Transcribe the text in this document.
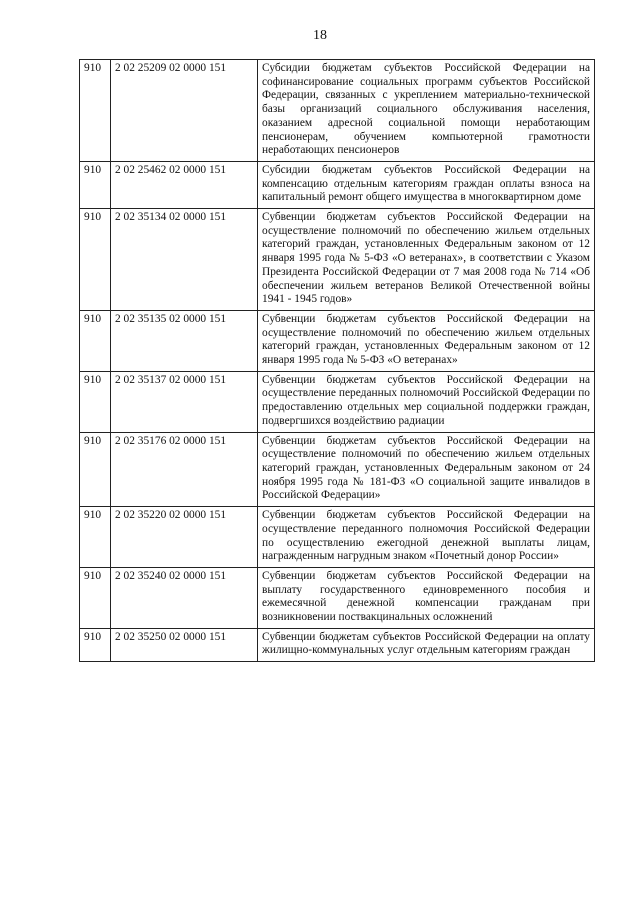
18
910	2 02 25209 02 0000 151	Субсидии бюджетам субъектов Российской Федерации на софинансирование социальных программ субъектов Российской Федерации, связанных с укреплением материально-технической базы организаций социального обслуживания населения, оказанием адресной социальной помощи неработающим пенсионерам, обучением компьютерной грамотности неработающих пенсионеров
910	2 02 25462 02 0000 151	Субсидии бюджетам субъектов Российской Федерации на компенсацию отдельным категориям граждан оплаты взноса на капитальный ремонт общего имущества в многоквартирном доме
910	2 02 35134 02 0000 151	Субвенции бюджетам субъектов Российской Федерации на осуществление полномочий по обеспечению жильем отдельных категорий граждан, установленных Федеральным законом от 12 января 1995 года № 5-ФЗ «О ветеранах», в соответствии с Указом Президента Российской Федерации от 7 мая 2008 года № 714 «Об обеспечении жильем ветеранов Великой Отечественной войны 1941 - 1945 годов»
910	2 02 35135 02 0000 151	Субвенции бюджетам субъектов Российской Федерации на осуществление полномочий по обеспечению жильем отдельных категорий граждан, установленных Федеральным законом от 12 января 1995 года № 5-ФЗ «О ветеранах»
910	2 02 35137 02 0000 151	Субвенции бюджетам субъектов Российской Федерации на осуществление переданных полномочий Российской Федерации по предоставлению отдельных мер социальной поддержки граждан, подвергшихся воздействию радиации
910	2 02 35176 02 0000 151	Субвенции бюджетам субъектов Российской Федерации на осуществление полномочий по обеспечению жильем отдельных категорий граждан, установленных Федеральным законом от 24 ноября 1995 года № 181-ФЗ «О социальной защите инвалидов в Российской Федерации»
910	2 02 35220 02 0000 151	Субвенции бюджетам субъектов Российской Федерации на осуществление переданного полномочия Российской Федерации по осуществлению ежегодной денежной выплаты лицам, награжденным нагрудным знаком «Почетный донор России»
910	2 02 35240 02 0000 151	Субвенции бюджетам субъектов Российской Федерации на выплату государственного единовременного пособия и ежемесячной денежной компенсации гражданам при возникновении поствакцинальных осложнений
910	2 02 35250 02 0000 151	Субвенции бюджетам субъектов Российской Федерации на оплату жилищно-коммунальных услуг отдельным категориям граждан
